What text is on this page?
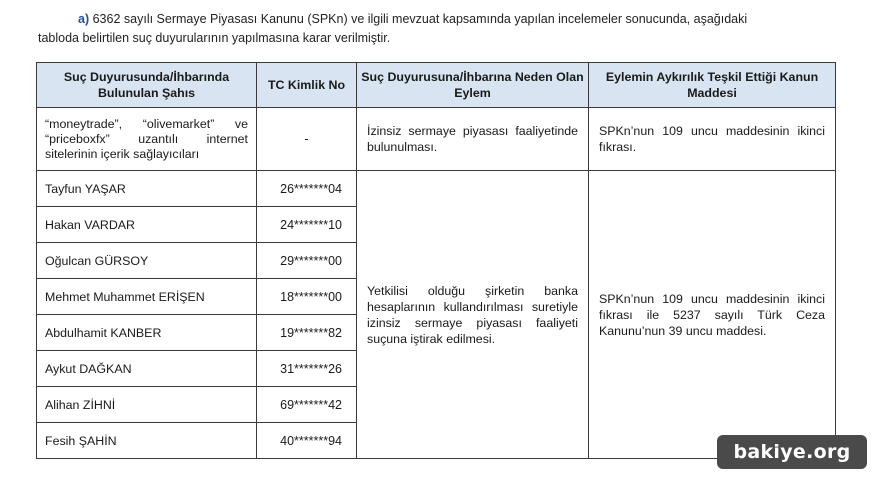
a) 6362 sayılı Sermaye Piyasası Kanunu (SPKn) ve ilgili mevzuat kapsamında yapılan incelemeler sonucunda, aşağıdaki
tabloda belirtilen suç duyurularının yapılmasına karar verilmiştir.
Suç Duyurusunda/İhbarında Bulunulan Şahıs	TC Kimlik No	Suç Duyurusuna/İhbarına Neden Olan Eylem	Eylemin Aykırılık Teşkil Ettiği Kanun Maddesi
“moneytrade”, “olivemarket” ve “priceboxfx” uzantılı internet sitelerinin içerik sağlayıcıları	-	İzinsiz sermaye piyasası faaliyetinde bulunulması.	SPKn’nun 109 uncu maddesinin ikinci fıkrası.
Tayfun YAŞAR	26*******04	Yetkilisi olduğu şirketin banka hesaplarının kullandırılması suretiyle izinsiz sermaye piyasası faaliyeti suçuna iştirak edilmesi.	SPKn’nun 109 uncu maddesinin ikinci fıkrası ile 5237 sayılı Türk Ceza Kanunu’nun 39 uncu maddesi.
Hakan VARDAR	24*******10		
Oğulcan GÜRSOY	29*******00		
Mehmet Muhammet ERİŞEN	18*******00		
Abdulhamit KANBER	19*******82		
Aykut DAĞKAN	31*******26		
Alihan ZİHNİ	69*******42		
Fesih ŞAHİN	40*******94		
bakiye.org
